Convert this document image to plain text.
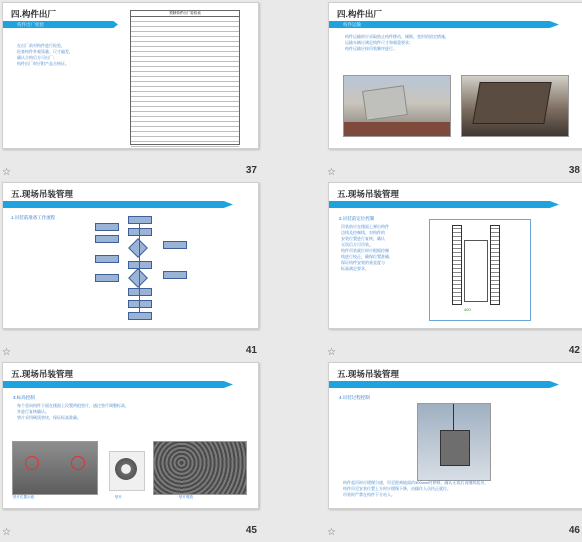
四.构件出厂
构件出厂检验
在出厂前对构件进行检验，
检查构件外观质量、尺寸偏差，
确认合格后方可出厂；
构件出厂时应附产品合格证。
预制构件出厂检验表
☆	37
四.构件出厂
构件运输
构件运输时应采取防止构件移动、倾倒、变形的固定措施，
运输车辆应满足构件尺寸和载重要求；
构件运输应按吊装顺序进行。
☆	38
五.现场吊装管理
1.吊装前准备工作流程
☆	41
五.现场吊装管理
2.吊装前定位控制
吊装前应在楼面上弹出构件
边线及控制线，对构件的
安装位置进行复核，确认
无误后方可吊装。
构件吊装就位时应根据控制
线进行校正，确保位置准确，
保证构件安装的垂直度与
标高满足要求。
400
☆	42
五.现场吊装管理
3.标高控制
每个竖向构件下面在楼面上设置两组垫片，通过垫片调整标高，
并进行复核确认。
垫片采用硬质垫块，保证标高准确。
垫片位置示意	垫片	垫片堆放
☆	45
五.现场吊装管理
4.吊装过程控制
构件起吊时应缓慢匀速，吊至距离地面约300mm时停顿，确认无误后再继续起吊，
构件吊至安装位置上方时应缓慢下降，由操作人员扶正就位。
吊装时严禁在构件下方站人。
☆	46
